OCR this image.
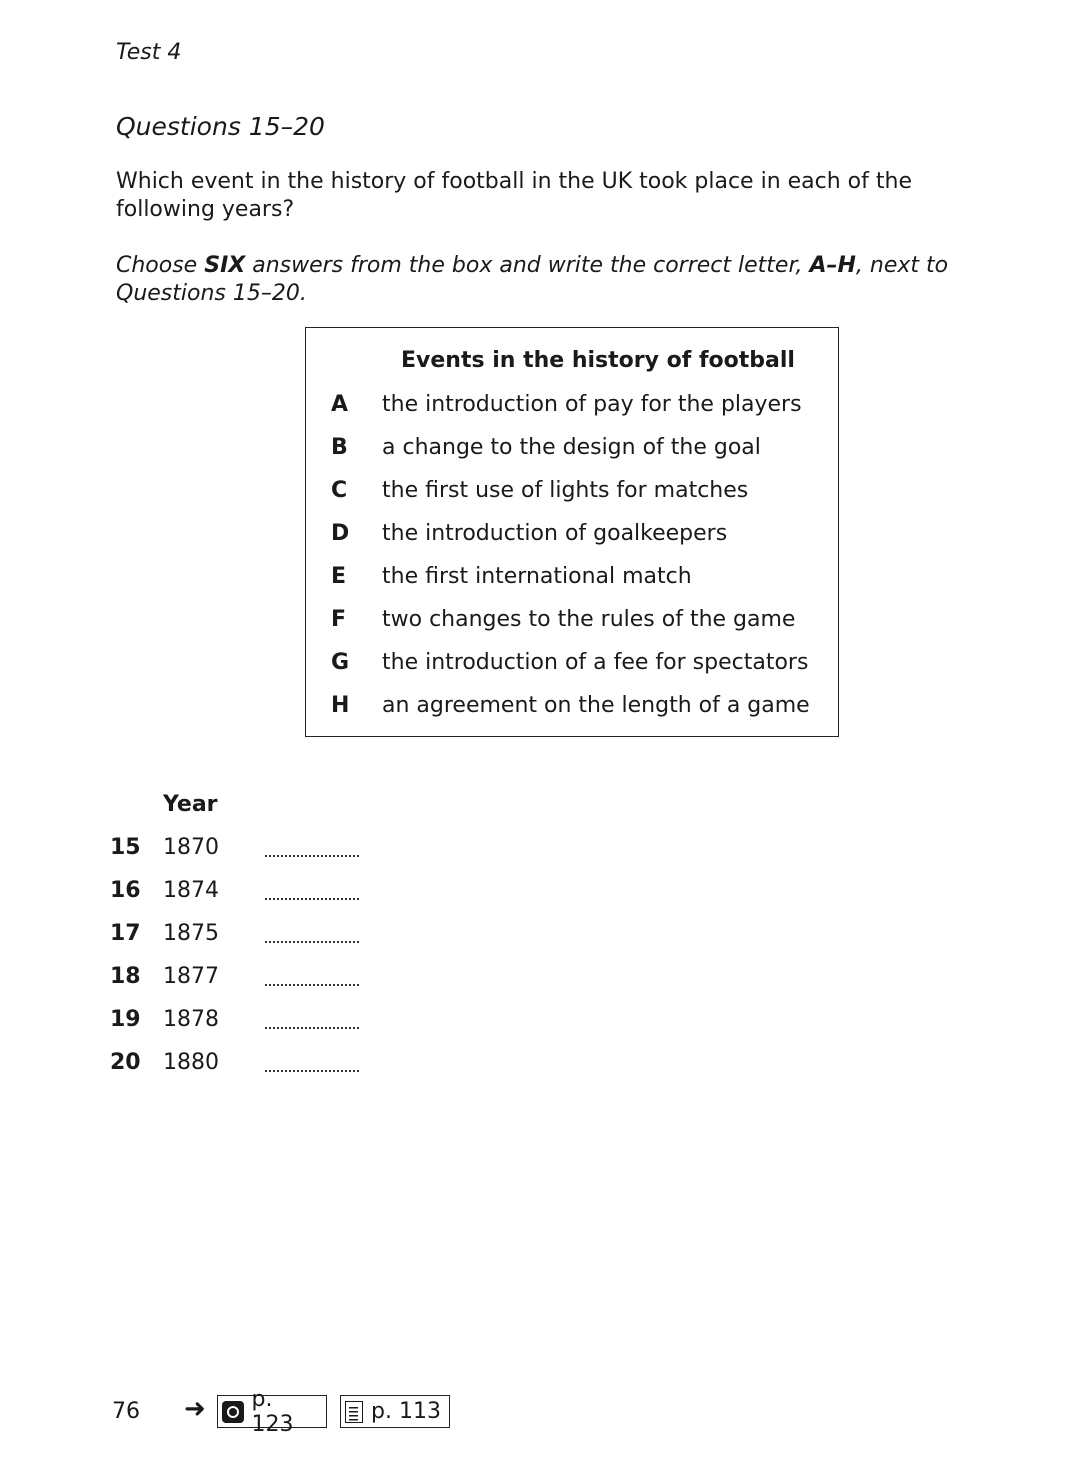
Test 4
Questions 15–20
Which event in the history of football in the UK took place in each of the following years?
Choose SIX answers from the box and write the correct letter, A–H, next to Questions 15–20.
Events in the history of football
A	the introduction of pay for the players
B	a change to the design of the goal
C	the first use of lights for matches
D	the introduction of goalkeepers
E	the first international match
F	two changes to the rules of the game
G	the introduction of a fee for spectators
H	an agreement on the length of a game
Year
15 1870
16 1874
17 1875
18 1877
19 1878
20 1880
76 ➜ p. 123	p. 113
